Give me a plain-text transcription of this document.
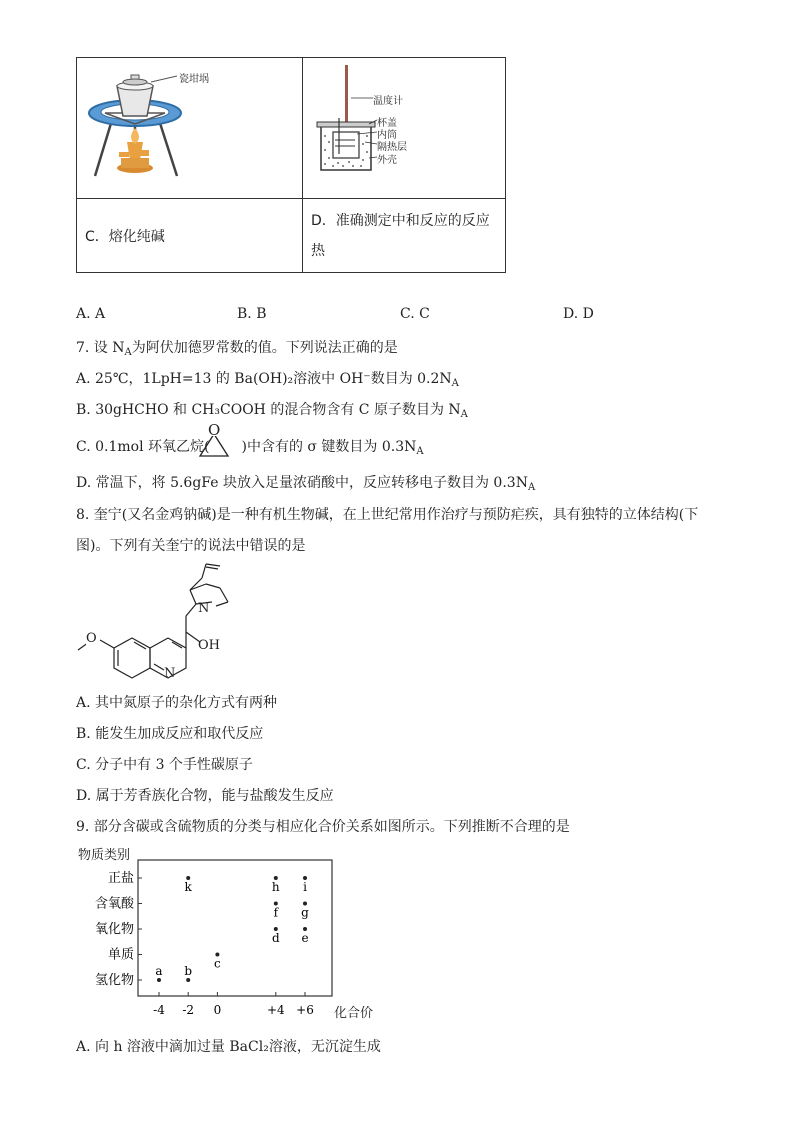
瓷坩埚	温度计
杯盖
内筒
隔热层
外壳

C．熔化纯碱	D．准确测定中和反应的反应
热
A. A	B. B	C. C	D. D
7. 设 $N_A$为阿伏加德罗常数的值。下列说法正确的是
A. 25℃，1LpH=13 的 Ba(OH)₂溶液中 OH⁻数目为 $0.2N_A$
B. 30gHCHO 和 CH₃COOH 的混合物含有 C 原子数目为 $N_A$
C. 0.1mol 环氧乙烷( )中含有的 σ 键数目为 $0.3N_A$
O
D. 常温下，将 5.6gFe 块放入足量浓硝酸中，反应转移电子数目为 $0.3N_A$
8. 奎宁(又名金鸡钠碱)是一种有机生物碱，在上世纪常用作治疗与预防疟疾，具有独特的立体结构(下
图)。下列有关奎宁的说法中错误的是
O
N
N
OH
A. 其中氮原子的杂化方式有两种
B. 能发生加成反应和取代反应
C. 分子中有 3 个手性碳原子
D. 属于芳香族化合物，能与盐酸发生反应
9. 部分含碳或含硫物质的分类与相应化合价关系如图所示。下列推断不合理的是
氢化物
单质
氧化物
含氧酸
正盐
-4 -2 0	+4 +6
a b
c
d e
f g
h i
k
物质类别
化合价
A. 向 h 溶液中滴加过量 BaCl₂溶液，无沉淀生成
